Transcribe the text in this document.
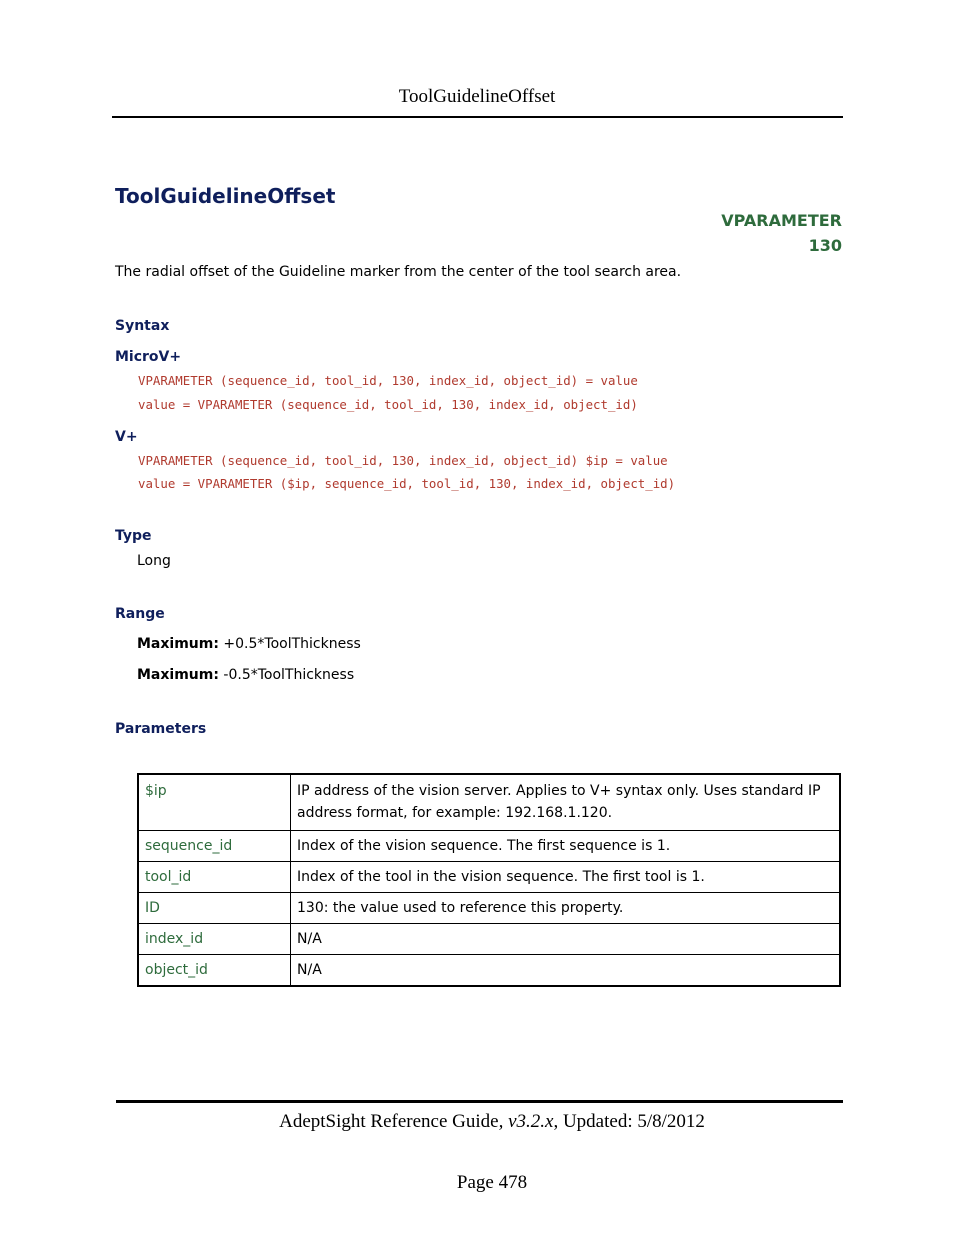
ToolGuidelineOffset
ToolGuidelineOffset
VPARAMETER
130
The radial offset of the Guideline marker from the center of the tool search area.
Syntax
MicroV+
VPARAMETER (sequence_id, tool_id, 130, index_id, object_id) = value
value = VPARAMETER (sequence_id, tool_id, 130, index_id, object_id)
V+
VPARAMETER (sequence_id, tool_id, 130, index_id, object_id) $ip = value
value = VPARAMETER ($ip, sequence_id, tool_id, 130, index_id, object_id)
Type
Long
Range
Maximum: +0.5*ToolThickness
Maximum: -0.5*ToolThickness
Parameters
$ip	IP address of the vision server. Applies to V+ syntax only. Uses standard IP address format, for example: 192.168.1.120.
sequence_id	Index of the vision sequence. The first sequence is 1.
tool_id	Index of the tool in the vision sequence. The first tool is 1.
ID	130: the value used to reference this property.
index_id	N/A
object_id	N/A
AdeptSight Reference Guide, v3.2.x, Updated: 5/8/2012
Page 478
